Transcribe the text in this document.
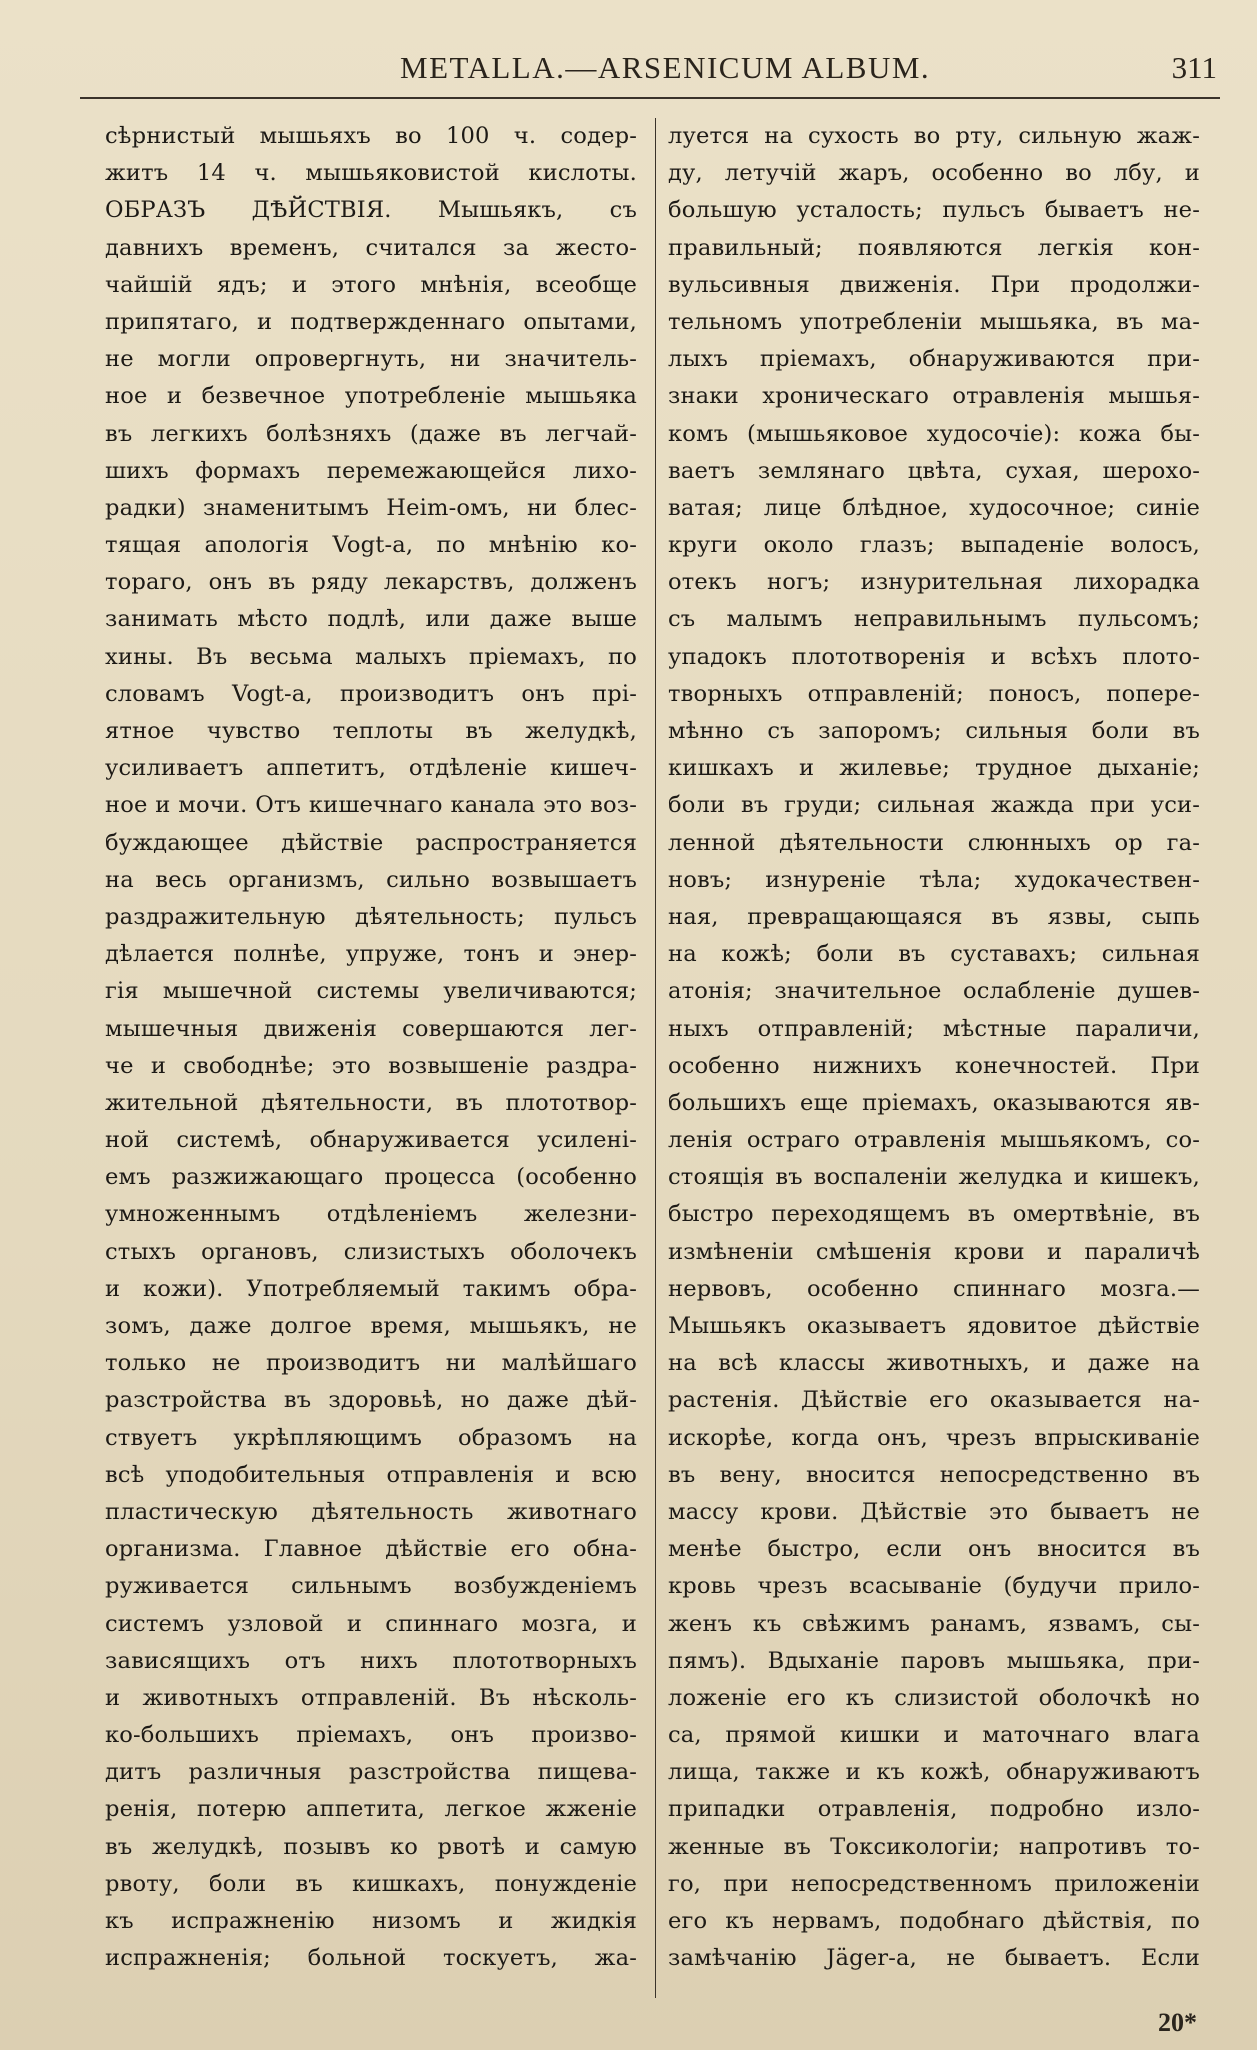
METALLA.—ARSENICUM ALBUM.	311
сѣрнистый мышьяхъ во 100 ч. содер-
житъ 14 ч. мышьяковистой кислоты.
ОБРАЗЪ ДѢЙСТВІЯ. Мышьякъ, съ
давнихъ временъ, считался за жесто-
чайшій ядъ; и этого мнѣнія, всеобще
припятаго, и подтвержденнаго опытами,
не могли опровергнуть, ни значитель-
ное и безвечное употребленіе мышьяка
въ легкихъ болѣзняхъ (даже въ легчай-
шихъ формахъ перемежающейся лихо-
радки) знаменитымъ Heim-омъ, ни блес-
тящая апологія Vogt-а, по мнѣнію ко-
тораго, онъ въ ряду лекарствъ, долженъ
занимать мѣсто подлѣ, или даже выше
хины. Въ весьма малыхъ пріемахъ, по
словамъ Vogt-а, производитъ онъ прі-
ятное чувство теплоты въ желудкѣ,
усиливаетъ аппетитъ, отдѣленіе кишеч-
ное и мочи. Отъ кишечнаго канала это воз-
буждающее дѣйствіе распространяется
на весь организмъ, сильно возвышаетъ
раздражительную дѣятельность; пульсъ
дѣлается полнѣе, упруже, тонъ и энер-
гія мышечной системы увеличиваются;
мышечныя движенія совершаются лег-
че и свободнѣе; это возвышеніе раздра-
жительной дѣятельности, въ плототвор-
ной системѣ, обнаруживается усиленi-
емъ разжижающаго процесса (особенно
умноженнымъ отдѣленіемъ железни-
стыхъ органовъ, слизистыхъ оболочекъ
и кожи). Употребляемый такимъ обра-
зомъ, даже долгое время, мышьякъ, не
только не производитъ ни малѣйшаго
разстройства въ здоровьѣ, но даже дѣй-
ствуетъ укрѣпляющимъ образомъ на
всѣ уподобительныя отправленія и всю
пластическую дѣятельность животнаго
организма. Главное дѣйствіе его обна-
руживается сильнымъ возбужденіемъ
системъ узловой и спиннаго мозга, и
зависящихъ отъ нихъ плототворныхъ
и животныхъ отправленій. Въ нѣсколь-
ко-большихъ пріемахъ, онъ произво-
дитъ различныя разстройства пищева-
ренія, потерю аппетита, легкое жженіе
въ желудкѣ, позывъ ко рвотѣ и самую
рвоту, боли въ кишкахъ, понужденіе
къ испражненію низомъ и жидкія
испражненія; больной тоскуетъ, жа-
луется на сухость во рту, сильную жаж-
ду, летучій жаръ, особенно во лбу, и
большую усталость; пульсъ бываетъ не-
правильный; появляются легкія кон-
вульсивныя движенія. При продолжи-
тельномъ употребленіи мышьяка, въ ма-
лыхъ пріемахъ, обнаруживаются при-
знаки хроническаго отравленія мышья-
комъ (мышьяковое худосочіе): кожа бы-
ваетъ землянаго цвѣта, сухая, шерохо-
ватая; лице блѣдное, худосочное; синіе
круги около глазъ; выпаденіе волосъ,
отекъ ногъ; изнурительная лихорадка
съ малымъ неправильнымъ пульсомъ;
упадокъ плототворенія и всѣхъ плото-
творныхъ отправленій; поносъ, попере-
мѣнно съ запоромъ; сильныя боли въ
кишкахъ и жилевье; трудное дыханіе;
боли въ груди; сильная жажда при уси-
ленной дѣятельности слюнныхъ ор га-
новъ; изнуреніе тѣла; худокачествен-
ная, превращающаяся въ язвы, сыпь
на кожѣ; боли въ суставахъ; сильная
атонія; значительное ослабленіе душев-
ныхъ отправленій; мѣстные параличи,
особенно нижнихъ конечностей. При
большихъ еще пріемахъ, оказываются яв-
ленія остраго отравленія мышьякомъ, со-
стоящія въ воспаленіи желудка и кишекъ,
быстро переходящемъ въ омертвѣніе, въ
измѣненіи смѣшенія крови и параличѣ
нервовъ, особенно спиннаго мозга.—
Мышьякъ оказываетъ ядовитое дѣйствіе
на всѣ классы животныхъ, и даже на
растенія. Дѣйствіе его оказывается на-
искорѣе, когда онъ, чрезъ впрыскиваніе
въ вену, вносится непосредственно въ
массу крови. Дѣйствіе это бываетъ не
менѣе быстро, если онъ вносится въ
кровь чрезъ всасываніе (будучи прило-
женъ къ свѣжимъ ранамъ, язвамъ, сы-
пямъ). Вдыханіе паровъ мышьяка, при-
ложеніе его къ слизистой оболочкѣ но
са, прямой кишки и маточнаго влага
лища, также и къ кожѣ, обнаруживаютъ
припадки отравленія, подробно изло-
женные въ Токсикологіи; напротивъ то-
го, при непосредственномъ приложеніи
его къ нервамъ, подобнаго дѣйствія, по
замѣчанію Jäger-а, не бываетъ. Если
20*
